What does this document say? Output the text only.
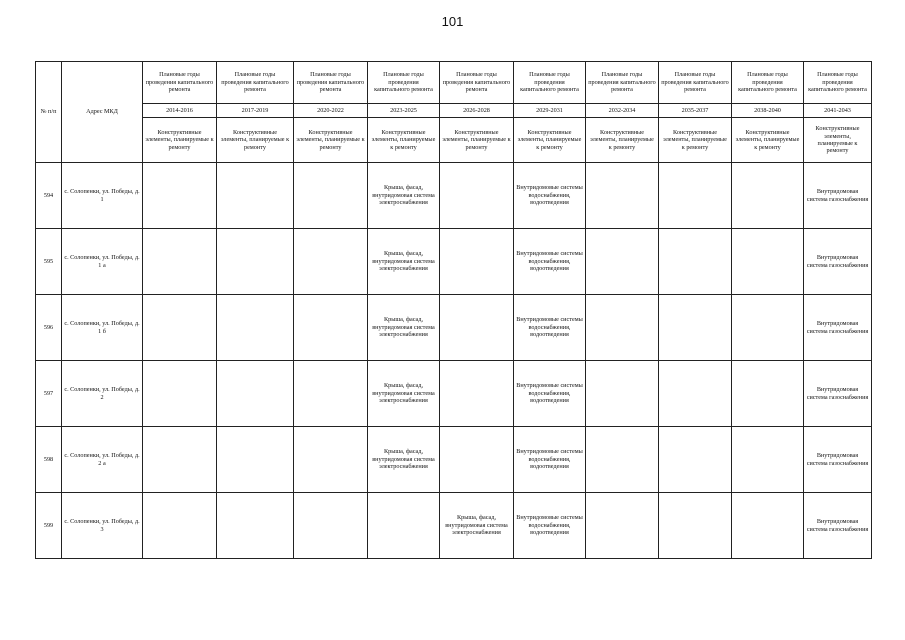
101
№ п/п	Адрес МКД	Плановые годы проведения капитального ремонта	Плановые годы проведения капитального ремонта	Плановые годы проведения капитального ремонта	Плановые годы проведения капитального ремонта	Плановые годы проведения капитального ремонта	Плановые годы проведения капитального ремонта	Плановые годы проведения капитального ремонта	Плановые годы проведения капитального ремонта	Плановые годы проведения капитального ремонта	Плановые годы проведения капитального ремонта
		2014-2016	2017-2019	2020-2022	2023-2025	2026-2028	2029-2031	2032-2034	2035-2037	2038-2040	2041-2043
		Конструктивные элементы, планируемые к ремонту	Конструктивные элементы, планируемые к ремонту	Конструктивные элементы, планируемые к ремонту	Конструктивные элементы, планируемые к ремонту	Конструктивные элементы, планируемые к ремонту	Конструктивные элементы, планируемые к ремонту	Конструктивные элементы, планируемые к ремонту	Конструктивные элементы, планируемые к ремонту	Конструктивные элементы, планируемые к ремонту	Конструктивные элементы, планируемые к ремонту
594	с. Солопенки, ул. Победы, д. 1				Крыша, фасад, внутридомовая система электроснабжения		Внутридомовые системы водоснабжения, водоотведения				Внутридомовая система газоснабжения
595	с. Солопенки, ул. Победы, д. 1 а				Крыша, фасад, внутридомовая система электроснабжения		Внутридомовые системы водоснабжения, водоотведения				Внутридомовая система газоснабжения
596	с. Солопенки, ул. Победы, д. 1 б				Крыша, фасад, внутридомовая система электроснабжения		Внутридомовые системы водоснабжения, водоотведения				Внутридомовая система газоснабжения
597	с. Солопенки, ул. Победы, д. 2				Крыша, фасад, внутридомовая система электроснабжения		Внутридомовые системы водоснабжения, водоотведения				Внутридомовая система газоснабжения
598	с. Солопенки, ул. Победы, д. 2 а				Крыша, фасад, внутридомовая система электроснабжения		Внутридомовые системы водоснабжения, водоотведения				Внутридомовая система газоснабжения
599	с. Солопенки, ул. Победы, д. 3					Крыша, фасад, внутридомовая система электроснабжения	Внутридомовые системы водоснабжения, водоотведения				Внутридомовая система газоснабжения
